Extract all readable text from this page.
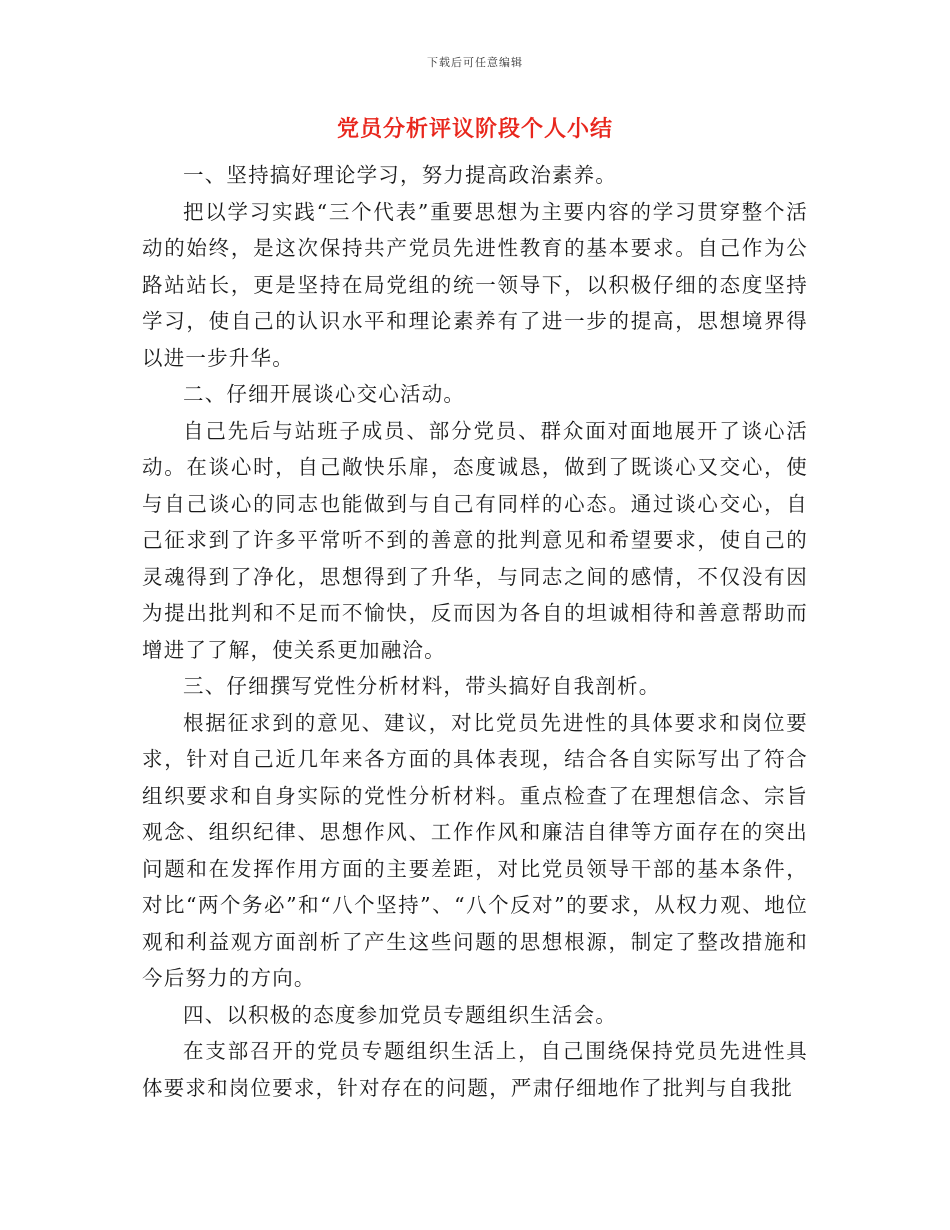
下载后可任意编辑
党员分析评议阶段个人小结

一、坚持搞好理论学习，努力提高政治素养。

把以学习实践“三个代表”重要思想为主要内容的学习贯穿整个活动的始终，是这次保持共产党员先进性教育的基本要求。自己作为公路站站长，更是坚持在局党组的统一领导下，以积极仔细的态度坚持学习，使自己的认识水平和理论素养有了进一步的提高，思想境界得以进一步升华。

二、仔细开展谈心交心活动。

自己先后与站班子成员、部分党员、群众面对面地展开了谈心活动。在谈心时，自己敞快乐扉，态度诚恳，做到了既谈心又交心，使与自己谈心的同志也能做到与自己有同样的心态。通过谈心交心，自己征求到了许多平常听不到的善意的批判意见和希望要求，使自己的灵魂得到了净化，思想得到了升华，与同志之间的感情，不仅没有因为提出批判和不足而不愉快，反而因为各自的坦诚相待和善意帮助而增进了了解，使关系更加融洽。

三、仔细撰写党性分析材料，带头搞好自我剖析。

根据征求到的意见、建议，对比党员先进性的具体要求和岗位要求，针对自己近几年来各方面的具体表现，结合各自实际写出了符合组织要求和自身实际的党性分析材料。重点检查了在理想信念、宗旨观念、组织纪律、思想作风、工作作风和廉洁自律等方面存在的突出问题和在发挥作用方面的主要差距，对比党员领导干部的基本条件，对比“两个务必”和“八个坚持”、“八个反对”的要求，从权力观、地位观和利益观方面剖析了产生这些问题的思想根源，制定了整改措施和今后努力的方向。

四、以积极的态度参加党员专题组织生活会。

在支部召开的党员专题组织生活上，自己围绕保持党员先进性具体要求和岗位要求，针对存在的问题，严肃仔细地作了批判与自我批
